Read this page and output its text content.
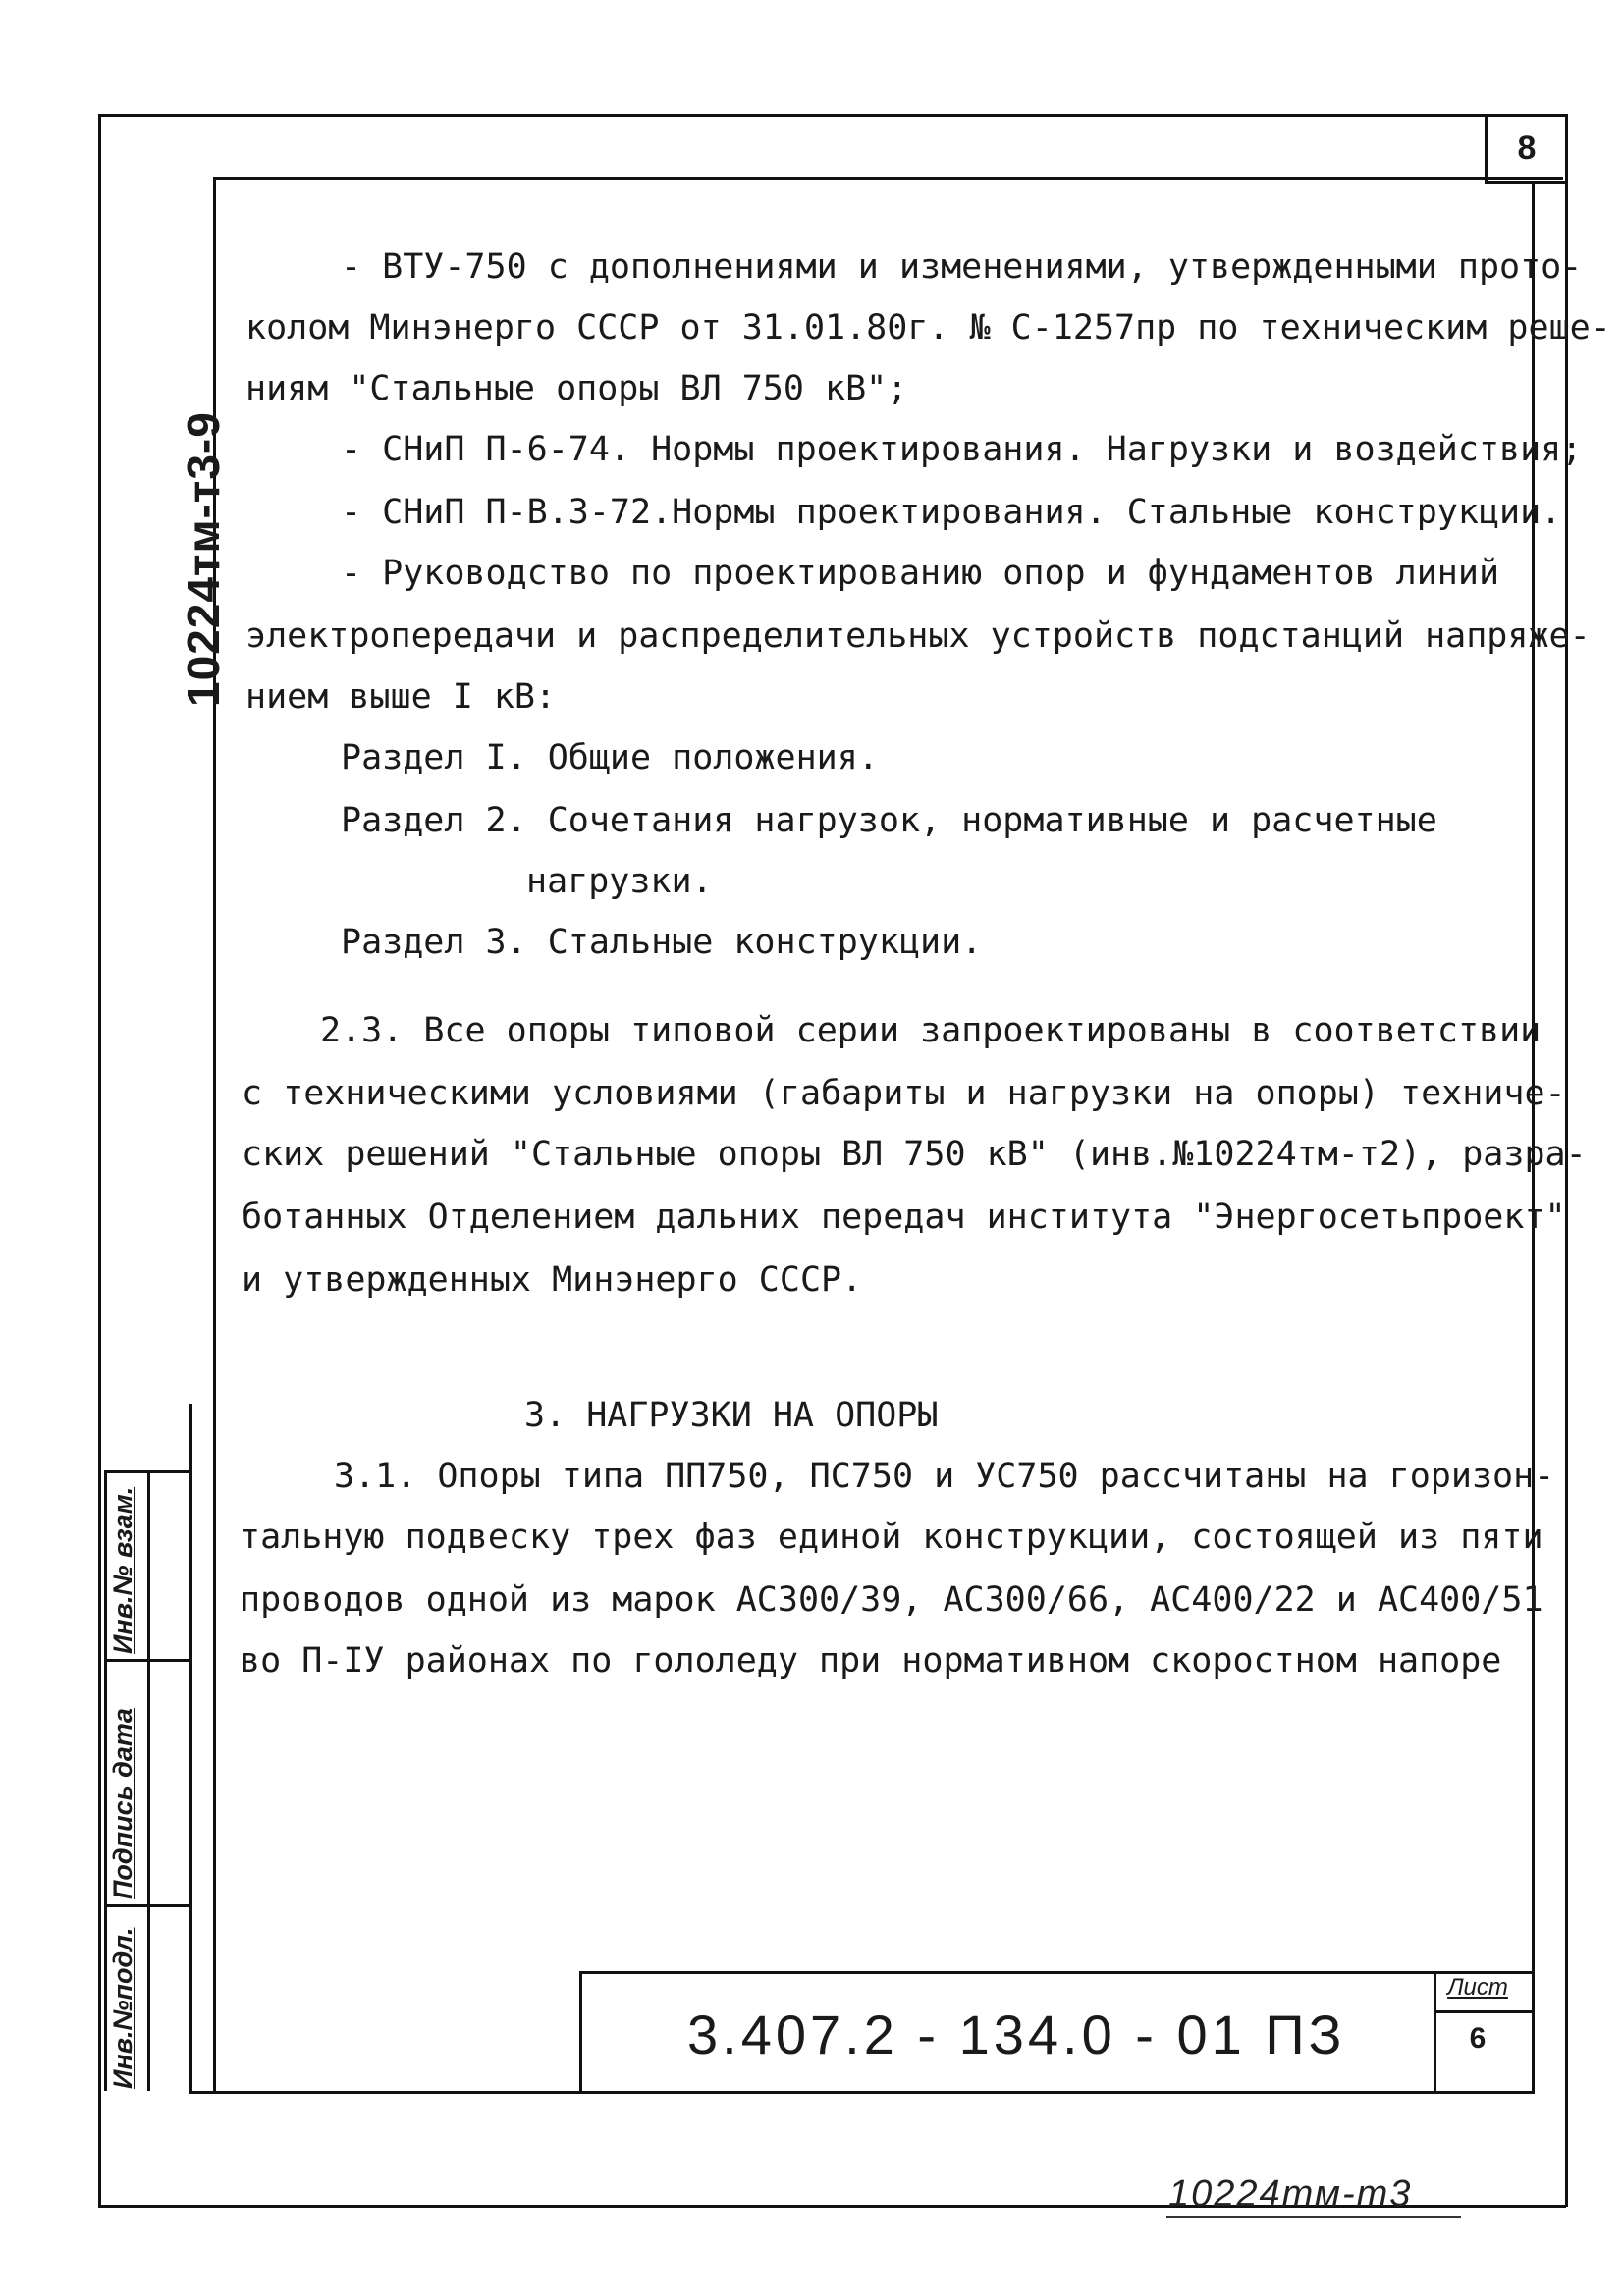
8
10224тм-т3-9
Инв.№ взам.
Подпись дата
Инв.№подл.
- ВТУ-750 с дополнениями и изменениями, утвержденными прото-
колом Минэнерго СССР от 31.01.80г. № С-1257пр по техническим реше-
ниям "Стальные опоры ВЛ 750 кВ";
- СНиП П-6-74. Нормы проектирования. Нагрузки и воздействия;
- СНиП П-В.3-72.Нормы проектирования. Стальные конструкции.
- Руководство по проектированию опор и фундаментов линий
электропередачи и распределительных устройств подстанций напряже-
нием выше I кВ:
Раздел I. Общие положения.
Раздел 2. Сочетания нагрузок, нормативные и расчетные
нагрузки.
Раздел 3. Стальные конструкции.
2.3. Все опоры типовой серии запроектированы в соответствии
с техническими условиями (габариты и нагрузки на опоры) техниче-
ских решений "Стальные опоры ВЛ 750 кВ" (инв.№10224тм-т2), разра-
ботанных Отделением дальних передач института "Энергосетьпроект"
и утвержденных Минэнерго СССР.
3. НАГРУЗКИ НА ОПОРЫ
3.1. Опоры типа ПП750, ПС750 и УС750 рассчитаны на горизон-
тальную подвеску трех фаз единой конструкции, состоящей из пяти
проводов одной из марок АС300/39, АС300/66, АС400/22 и АС400/51
во П-IУ районах по гололеду при нормативном скоростном напоре
3.407.2 - 134.0 - 01 ПЗ
Лист
6
10224тм-т3
